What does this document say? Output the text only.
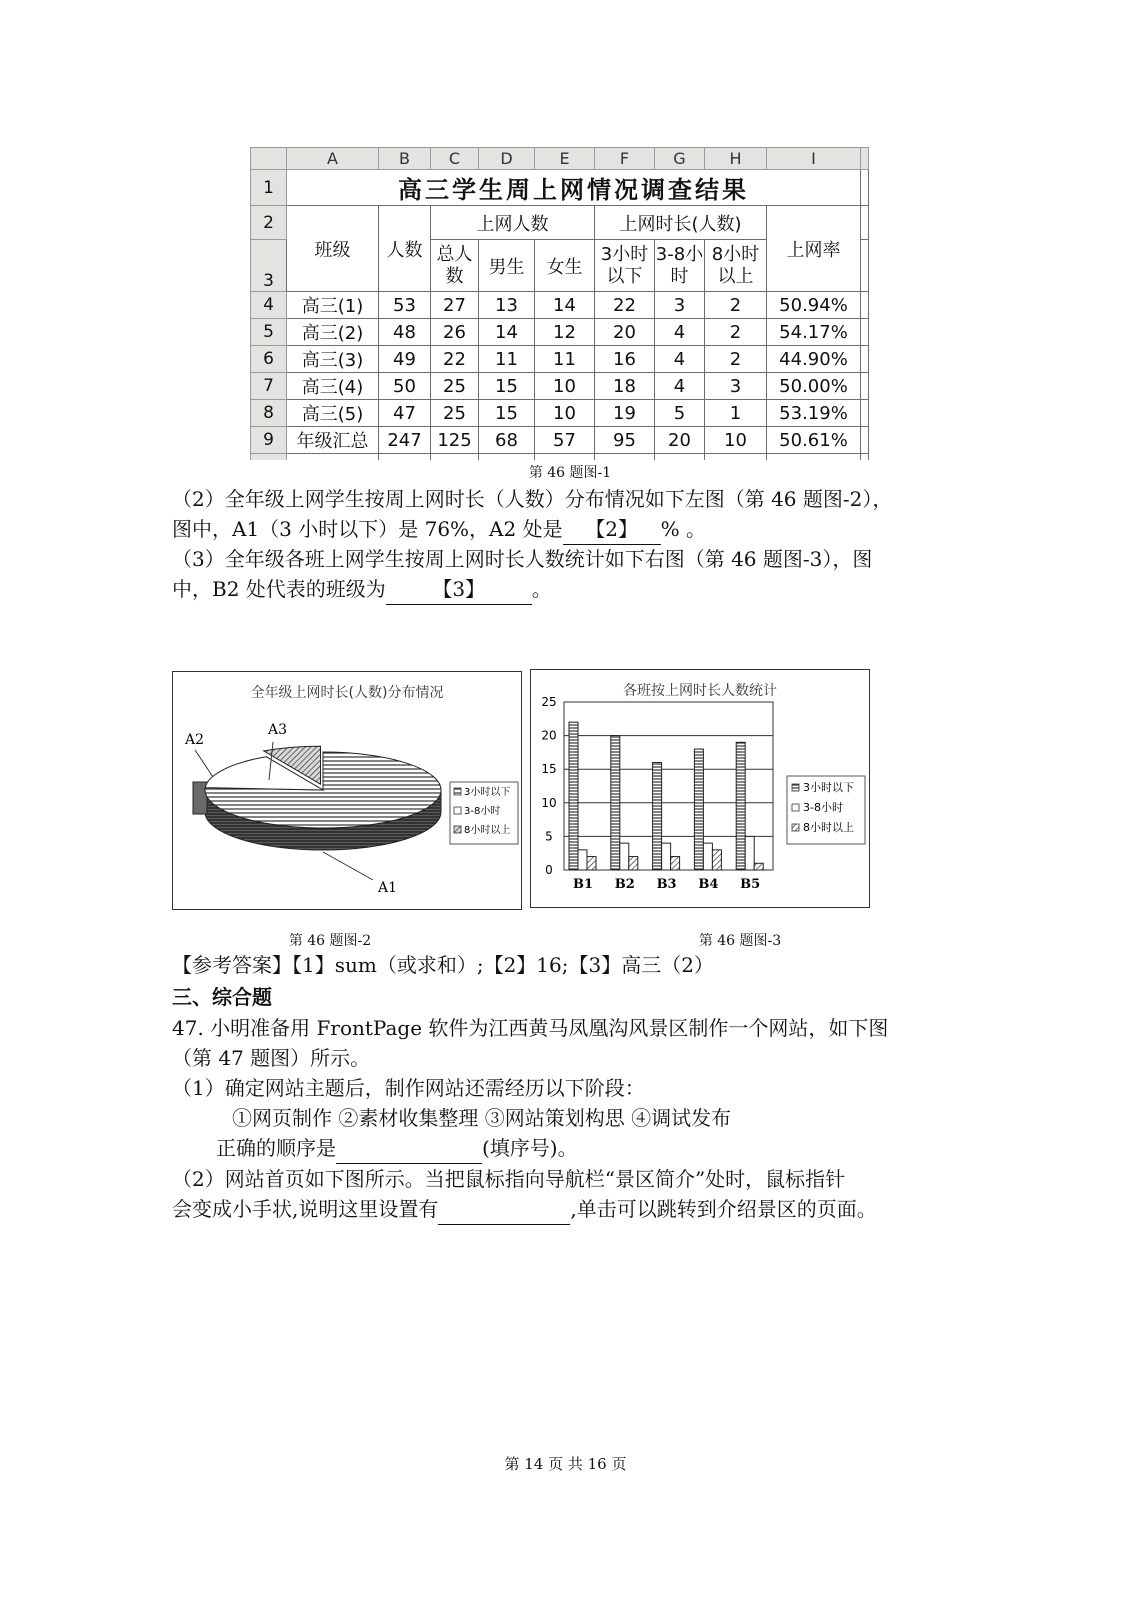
	A	B	C	D	E	F	G	H	I	
1	高三学生周上网情况调查结果									
2	班级	人数	上网人数			上网时长(人数)			上网率	
3			总人数	男生	女生	3小时以下	3-8小时	8小时以上		
4	高三(1)	53	27	13	14	22	3	2	50.94%	
5	高三(2)	48	26	14	12	20	4	2	54.17%	
6	高三(3)	49	22	11	11	16	4	2	44.90%	
7	高三(4)	50	25	15	10	18	4	3	50.00%	
8	高三(5)	47	25	15	10	19	5	1	53.19%	
9	年级汇总	247	125	68	57	95	20	10	50.61%	

第 46 题图-1
（2）全年级上网学生按周上网时长（人数）分布情况如下左图（第 46 题图-2），
图中，A1（3 小时以下）是 76%，A2 处是 【2】 % 。
（3）全年级各班上网学生按周上网时长人数统计如下右图（第 46 题图-3），图
中，B2 处代表的班级为 【3】 。
全年级上网时长(人数)分布情况
A1
A2
A3
3小时以下
3-8小时
8小时以上
各班按上网时长人数统计
0
5
10
15
20
25
B1 B2 B3 B4 B5
3小时以下
3-8小时
8小时以上
第 46 题图-2	第 46 题图-3
【参考答案】【1】sum（或求和）;【2】16;【3】高三（2）
三、综合题
47. 小明准备用 FrontPage 软件为江西黄马凤凰沟风景区制作一个网站，如下图
（第 47 题图）所示。
（1）确定网站主题后，制作网站还需经历以下阶段：
①网页制作 ②素材收集整理 ③网站策划构思 ④调试发布
正确的顺序是	(填序号)。
（2）网站首页如下图所示。当把鼠标指向导航栏“景区简介”处时，鼠标指针
会变成小手状,说明这里设置有	,单击可以跳转到介绍景区的页面。
第 14 页 共 16 页
